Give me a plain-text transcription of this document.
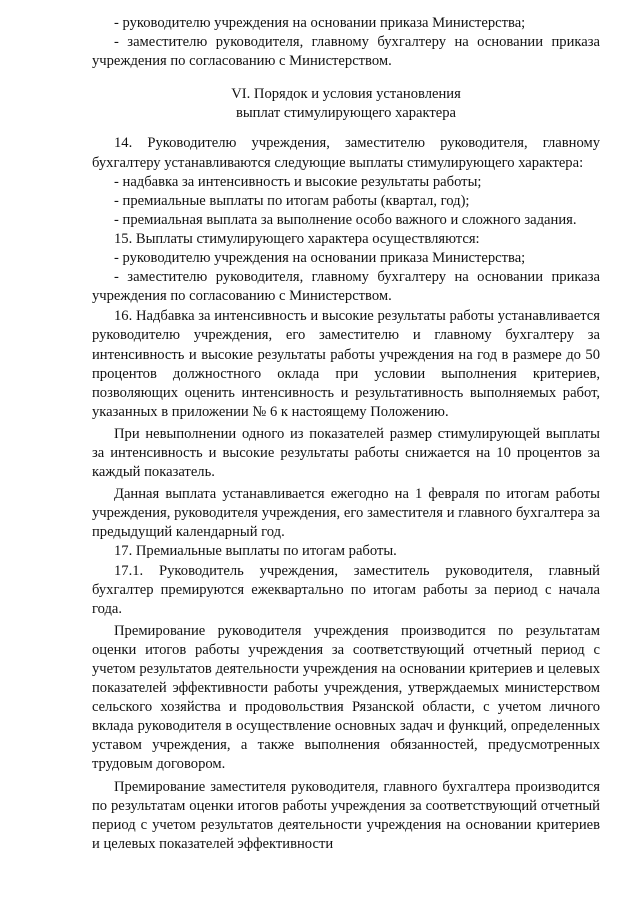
- руководителю учреждения на основании приказа Министерства;

- заместителю руководителя, главному бухгалтеру на основании приказа учреждения по согласованию с Министерством.

VI. Порядок и условия установления
выплат стимулирующего характера

14. Руководителю учреждения, заместителю руководителя, главному бухгалтеру устанавливаются следующие выплаты стимулирующего характера:

- надбавка за интенсивность и высокие результаты работы;

- премиальные выплаты по итогам работы (квартал, год);

- премиальная выплата за выполнение особо важного и сложного задания.

15. Выплаты стимулирующего характера осуществляются:

- руководителю учреждения на основании приказа Министерства;

- заместителю руководителя, главному бухгалтеру на основании приказа учреждения по согласованию с Министерством.

16. Надбавка за интенсивность и высокие результаты работы устанавливается руководителю учреждения, его заместителю и главному бухгалтеру за интенсивность и высокие результаты работы учреждения на год в размере до 50 процентов должностного оклада при условии выполнения критериев, позволяющих оценить интенсивность и результативность выполняемых работ, указанных в приложении № 6 к настоящему Положению.

При невыполнении одного из показателей размер стимулирующей выплаты за интенсивность и высокие результаты работы снижается на 10 процентов за каждый показатель.

Данная выплата устанавливается ежегодно на 1 февраля по итогам работы учреждения, руководителя учреждения, его заместителя и главного бухгалтера за предыдущий календарный год.

17. Премиальные выплаты по итогам работы.

17.1. Руководитель учреждения, заместитель руководителя, главный бухгалтер премируются ежеквартально по итогам работы за период с начала года.

Премирование руководителя учреждения производится по результатам оценки итогов работы учреждения за соответствующий отчетный период с учетом результатов деятельности учреждения на основании критериев и целевых показателей эффективности работы учреждения, утверждаемых министерством сельского хозяйства и продовольствия Рязанской области, с учетом личного вклада руководителя в осуществление основных задач и функций, определенных уставом учреждения, а также выполнения обязанностей, предусмотренных трудовым договором.

Премирование заместителя руководителя, главного бухгалтера производится по результатам оценки итогов работы учреждения за соответствующий отчетный период с учетом результатов деятельности учреждения на основании критериев и целевых показателей эффективности
